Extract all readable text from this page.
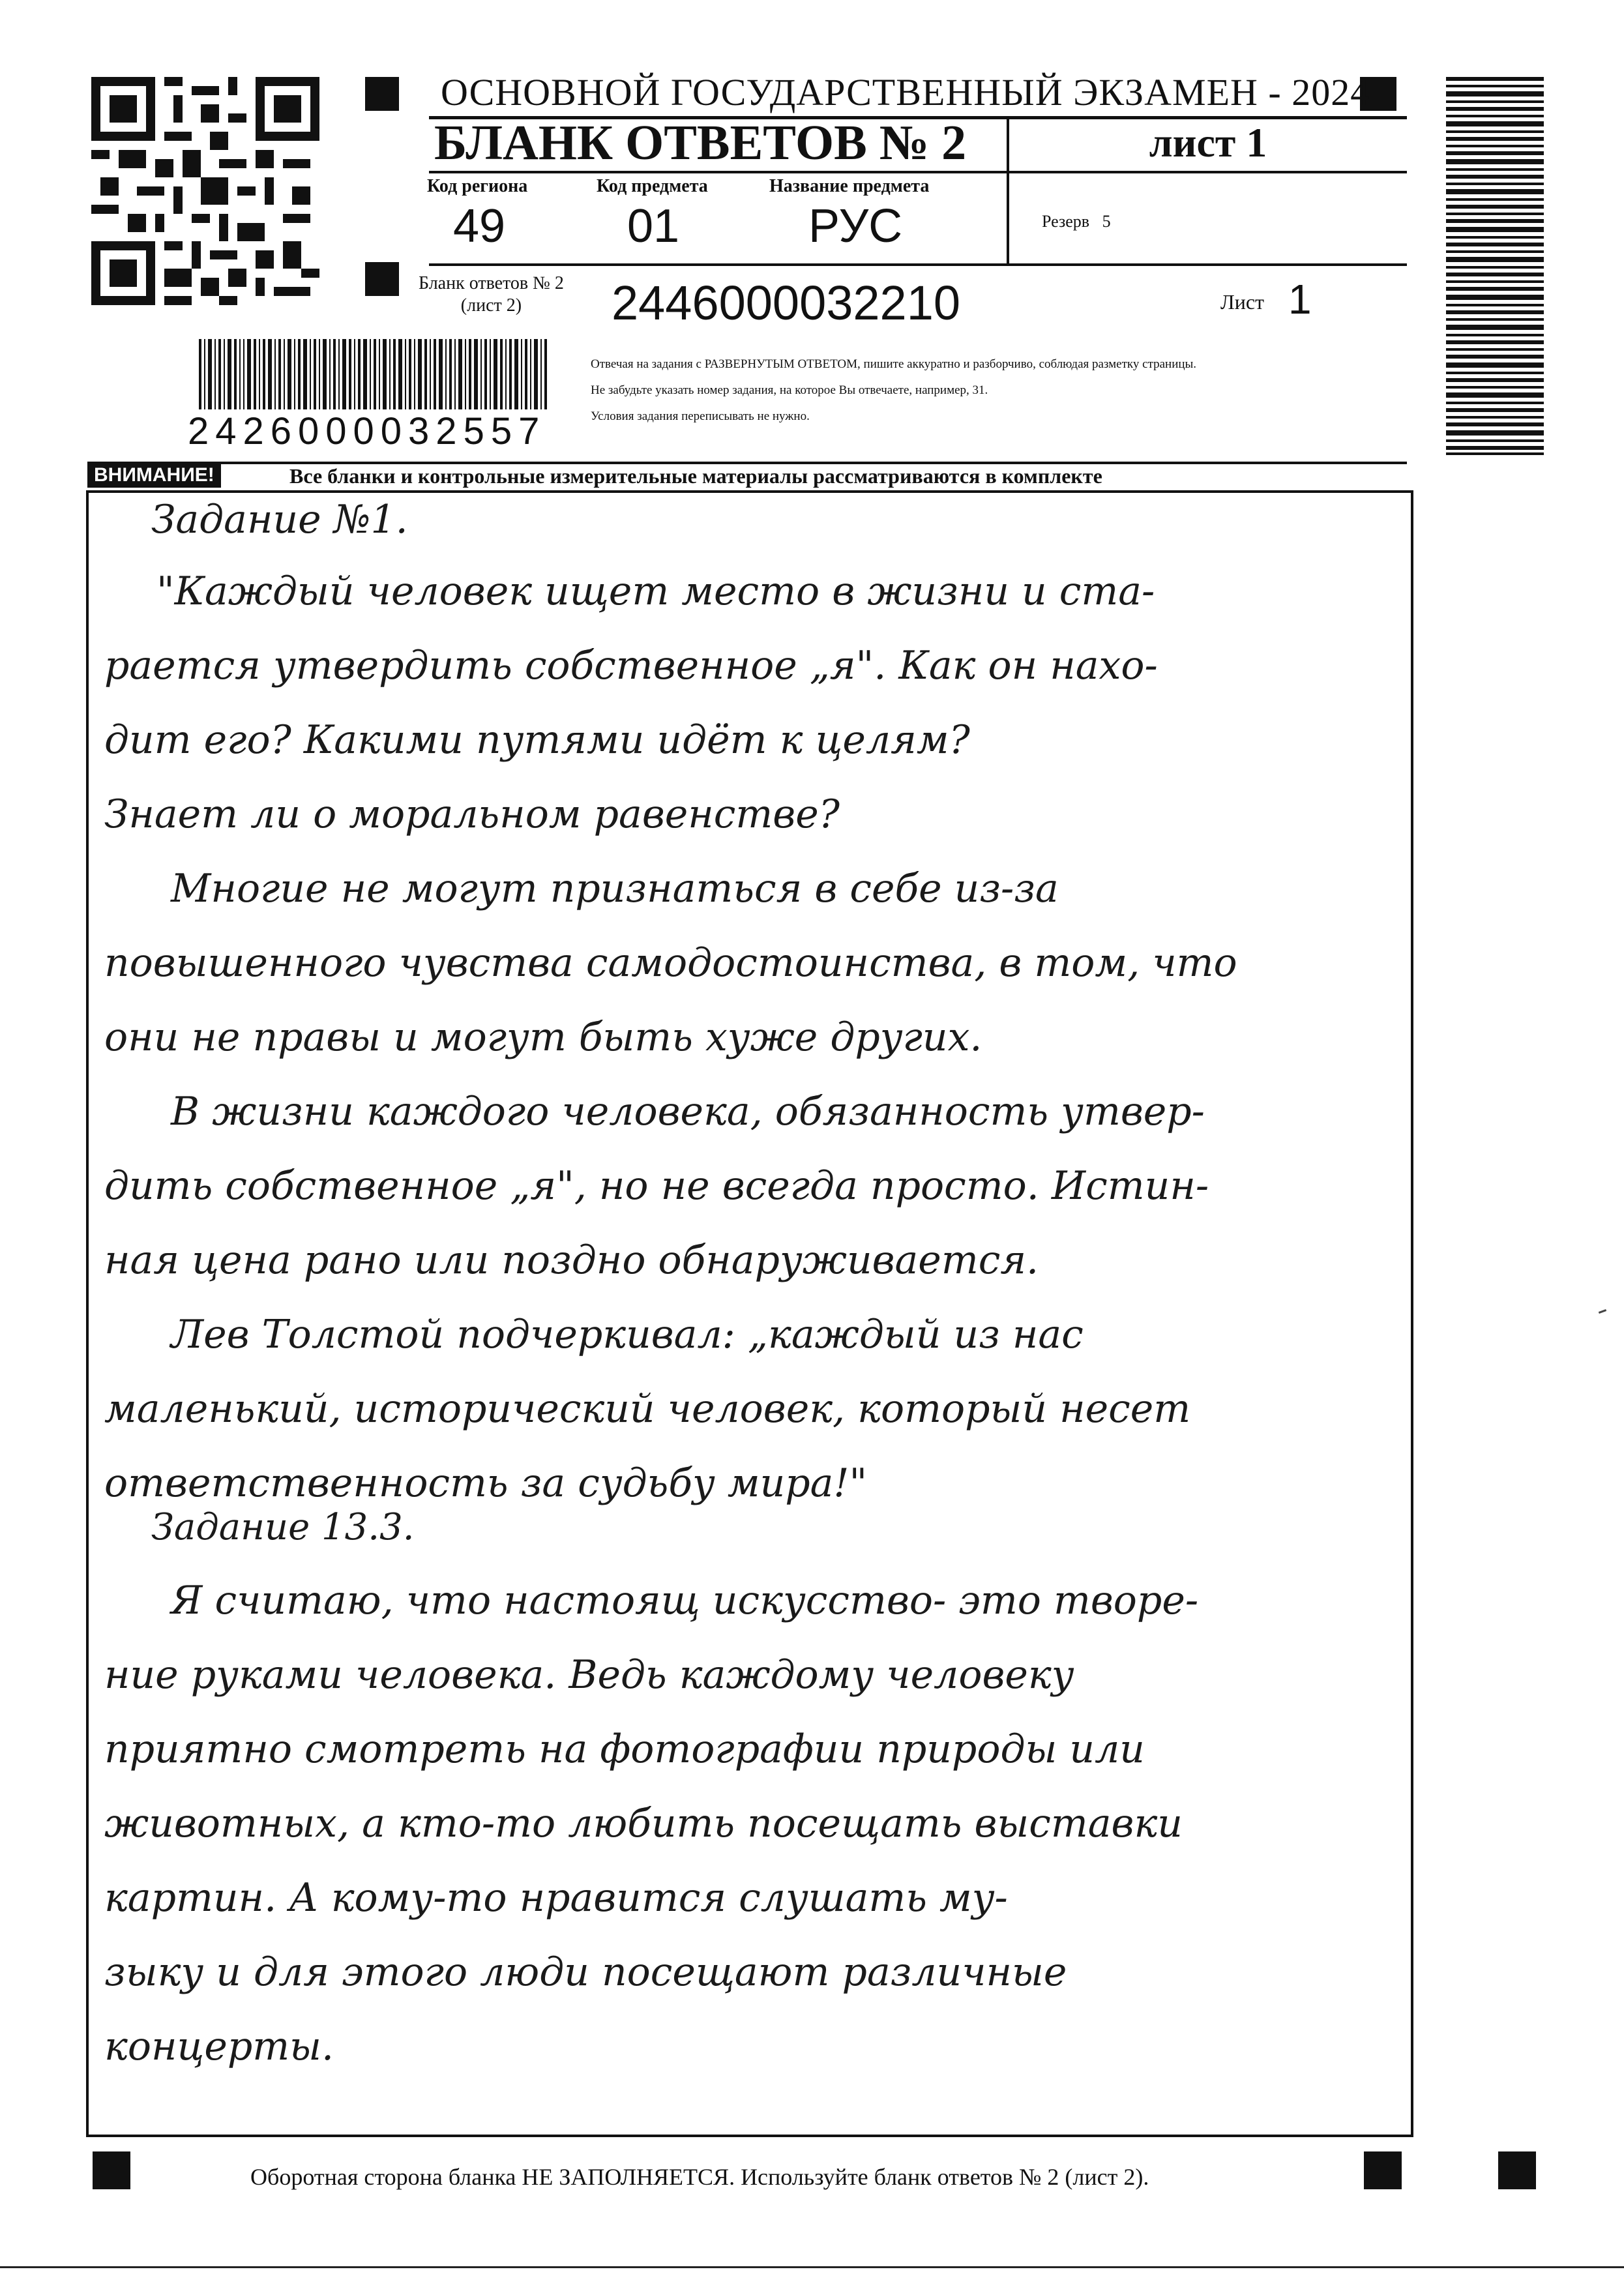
ОСНОВНОЙ ГОСУДАРСТВЕННЫЙ ЭКЗАМЕН - 2024
БЛАНК ОТВЕТОВ № 2	лист 1
Код региона
49
Код предмета
01
Название предмета
РУС	Резерв 5
Бланк ответов № 2
(лист 2)	2446000032210	Лист 1
2426000032557
Отвечая на задания с РАЗВЕРНУТЫМ ОТВЕТОМ, пишите аккуратно и разборчиво, соблюдая разметку страницы.
Не забудьте указать номер задания, на которое Вы отвечаете, например, 31.
Условия задания переписывать не нужно.
ВНИМАНИЕ!	Все бланки и контрольные измерительные материалы рассматриваются в комплекте
Задание №1.
"Каждый человек ищет место в жизни и ста-
рается утвердить собственное „я". Как он нахо-
дит его? Какими путями идёт к целям?
Знает ли о моральном равенстве?
Многие не могут признаться в себе из-за
повышенного чувства самодостоинства, в том, что
они не правы и могут быть хуже других.
В жизни каждого человека, обязанность утвер-
дить собственное „я", но не всегда просто. Истин-
ная цена рано или поздно обнаруживается.
Лев Толстой подчеркивал: „каждый из нас
маленький, исторический человек, который несет
ответственность за судьбу мира!"
Задание 13.3.
Я считаю, что настоящ искусство- это творе-
ние руками человека. Ведь каждому человеку
приятно смотреть на фотографии природы или
животных, а кто-то любить посещать выставки
картин. А кому-то нравится слушать му-
зыку и для этого люди посещают различные
концерты.
Оборотная сторона бланка НЕ ЗАПОЛНЯЕТСЯ. Используйте бланк ответов № 2 (лист 2).
